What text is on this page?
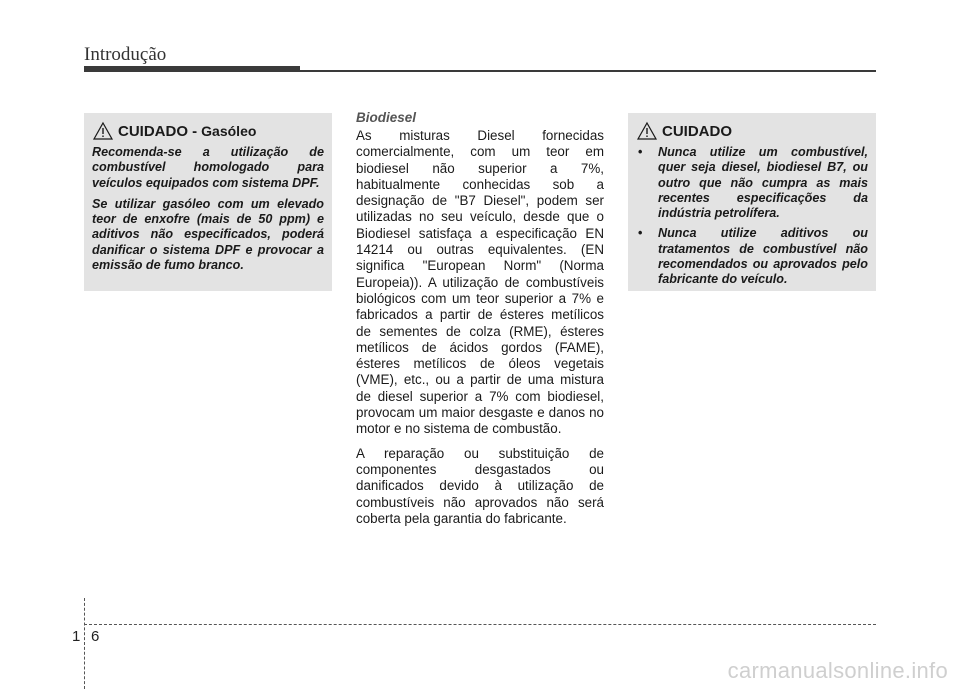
Introdução
CUIDADO - Gasóleo

Recomenda-se a utilização de combustível homologado para veículos equipados com sistema DPF.

Se utilizar gasóleo com um elevado teor de enxofre (mais de 50 ppm) e aditivos não especificados, poderá danificar o sistema DPF e provocar a emissão de fumo branco.

Biodiesel

As misturas Diesel fornecidas comercialmente, com um teor em biodiesel não superior a 7%, habitualmente conhecidas sob a designação de "B7 Diesel", podem ser utilizadas no seu veículo, desde que o Biodiesel satisfaça a especificação EN 14214 ou outras equivalentes. (EN significa "European Norm" (Norma Europeia)). A utilização de combustíveis biológicos com um teor superior a 7% e fabricados a partir de ésteres metílicos de sementes de colza (RME), ésteres metílicos de ácidos gordos (FAME), ésteres metílicos de óleos vegetais (VME), etc., ou a partir de uma mistura de diesel superior a 7% com biodiesel, provocam um maior desgaste e danos no motor e no sistema de combustão.

A reparação ou substituição de componentes desgastados ou danificados devido à utilização de combustíveis não aprovados não será coberta pela garantia do fabricante.

CUIDADO
• Nunca utilize um combustível, quer seja diesel, biodiesel B7, ou outro que não cumpra as mais recentes especificações da indústria petrolífera.
• Nunca utilize aditivos ou tratamentos de combustível não recomendados ou aprovados pelo fabricante do veículo.
1 6
carmanualsonline.info
